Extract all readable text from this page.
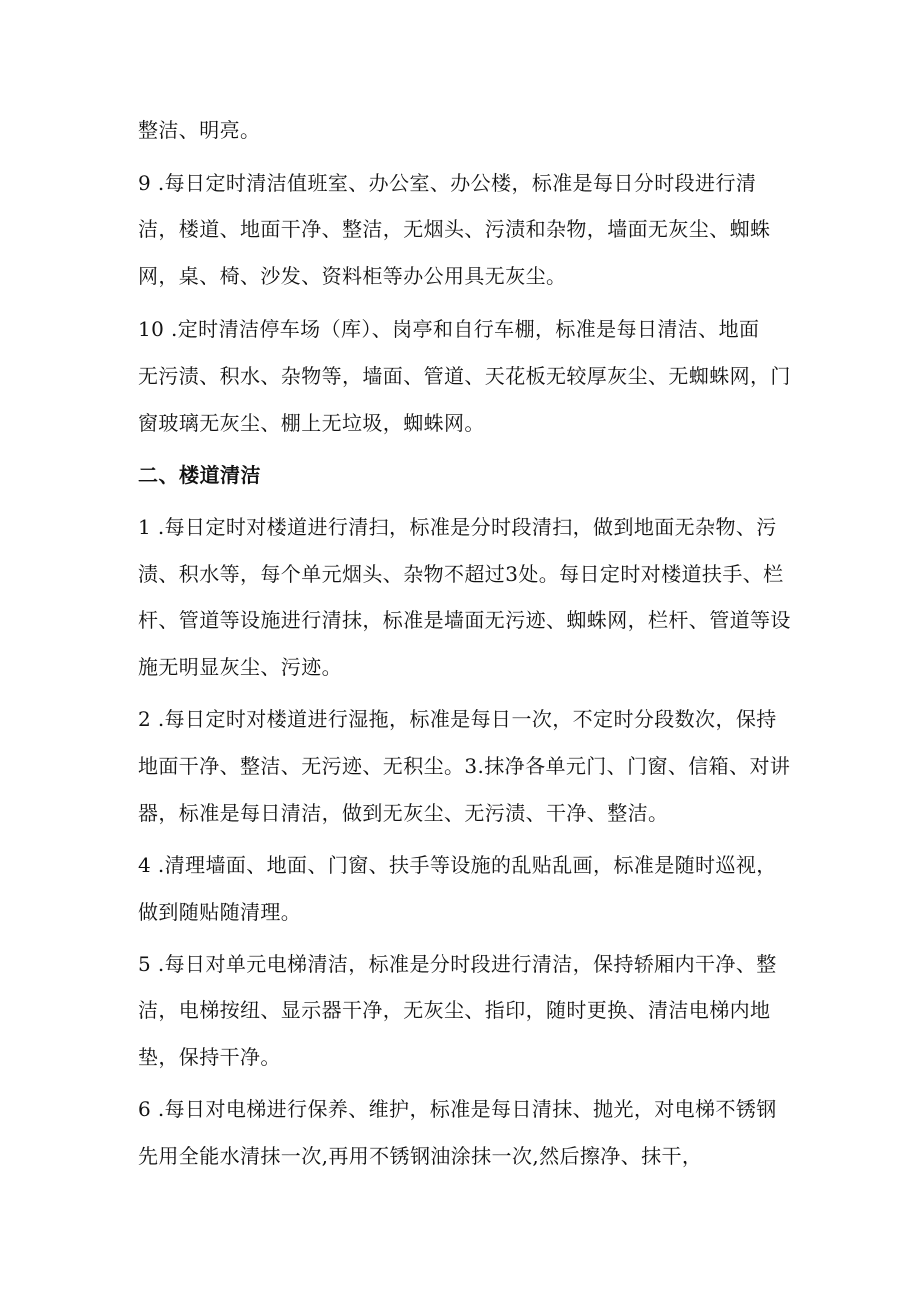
整洁、明亮。
9 .每日定时清洁值班室、办公室、办公楼，标准是每日分时段进行清
洁，楼道、地面干净、整洁，无烟头、污渍和杂物，墙面无灰尘、蜘蛛
网，桌、椅、沙发、资料柜等办公用具无灰尘。
10 .定时清洁停车场（库）、岗亭和自行车棚，标准是每日清洁、地面
无污渍、积水、杂物等，墙面、管道、天花板无较厚灰尘、无蜘蛛网，门
窗玻璃无灰尘、棚上无垃圾，蜘蛛网。
二、楼道清洁
1 .每日定时对楼道进行清扫，标准是分时段清扫，做到地面无杂物、污
渍、积水等，每个单元烟头、杂物不超过3处。每日定时对楼道扶手、栏
杆、管道等设施进行清抹，标准是墙面无污迹、蜘蛛网，栏杆、管道等设
施无明显灰尘、污迹。
2 .每日定时对楼道进行湿拖，标准是每日一次，不定时分段数次，保持
地面干净、整洁、无污迹、无积尘。3.抹净各单元门、门窗、信箱、对讲
器，标准是每日清洁，做到无灰尘、无污渍、干净、整洁。
4 .清理墙面、地面、门窗、扶手等设施的乱贴乱画，标准是随时巡视，
做到随贴随清理。
5 .每日对单元电梯清洁，标准是分时段进行清洁，保持轿厢内干净、整
洁，电梯按纽、显示器干净，无灰尘、指印，随时更换、清洁电梯内地
垫，保持干净。
6 .每日对电梯进行保养、维护，标准是每日清抹、抛光，对电梯不锈钢
先用全能水清抹一次,再用不锈钢油涂抹一次,然后擦净、抹干，
